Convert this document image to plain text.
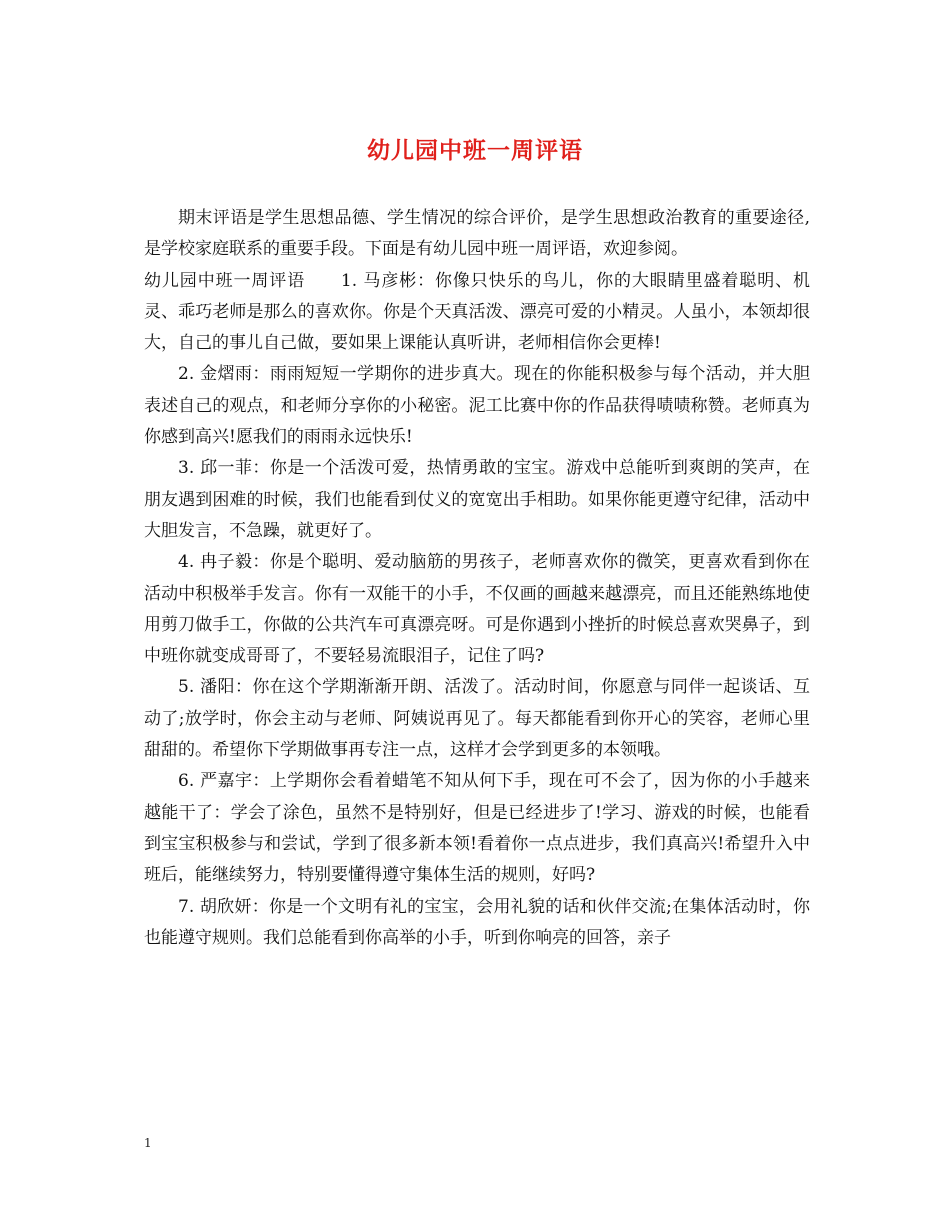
幼儿园中班一周评语

期末评语是学生思想品德、学生情况的综合评价，是学生思想政治教育的重要途径,是学校家庭联系的重要手段。下面是有幼儿园中班一周评语，欢迎参阅。

幼儿园中班一周评语　　1. 马彦彬：你像只快乐的鸟儿，你的大眼睛里盛着聪明、机灵、乖巧老师是那么的喜欢你。你是个天真活泼、漂亮可爱的小精灵。人虽小，本领却很大，自己的事儿自己做，要如果上课能认真听讲，老师相信你会更棒!

2. 金熠雨：雨雨短短一学期你的进步真大。现在的你能积极参与每个活动，并大胆表述自己的观点，和老师分享你的小秘密。泥工比赛中你的作品获得啧啧称赞。老师真为你感到高兴!愿我们的雨雨永远快乐!

3. 邱一菲：你是一个活泼可爱，热情勇敢的宝宝。游戏中总能听到爽朗的笑声，在朋友遇到困难的时候，我们也能看到仗义的宽宽出手相助。如果你能更遵守纪律，活动中大胆发言，不急躁，就更好了。

4. 冉子毅：你是个聪明、爱动脑筋的男孩子，老师喜欢你的微笑，更喜欢看到你在活动中积极举手发言。你有一双能干的小手，不仅画的画越来越漂亮，而且还能熟练地使用剪刀做手工，你做的公共汽车可真漂亮呀。可是你遇到小挫折的时候总喜欢哭鼻子，到中班你就变成哥哥了，不要轻易流眼泪子，记住了吗?

5. 潘阳：你在这个学期渐渐开朗、活泼了。活动时间，你愿意与同伴一起谈话、互动了;放学时，你会主动与老师、阿姨说再见了。每天都能看到你开心的笑容，老师心里甜甜的。希望你下学期做事再专注一点，这样才会学到更多的本领哦。

6. 严嘉宇：上学期你会看着蜡笔不知从何下手，现在可不会了，因为你的小手越来越能干了：学会了涂色，虽然不是特别好，但是已经进步了!学习、游戏的时候，也能看到宝宝积极参与和尝试，学到了很多新本领!看着你一点点进步，我们真高兴!希望升入中班后，能继续努力，特别要懂得遵守集体生活的规则，好吗?

7. 胡欣妍：你是一个文明有礼的宝宝，会用礼貌的话和伙伴交流;在集体活动时，你也能遵守规则。我们总能看到你高举的小手，听到你响亮的回答，亲子

1
